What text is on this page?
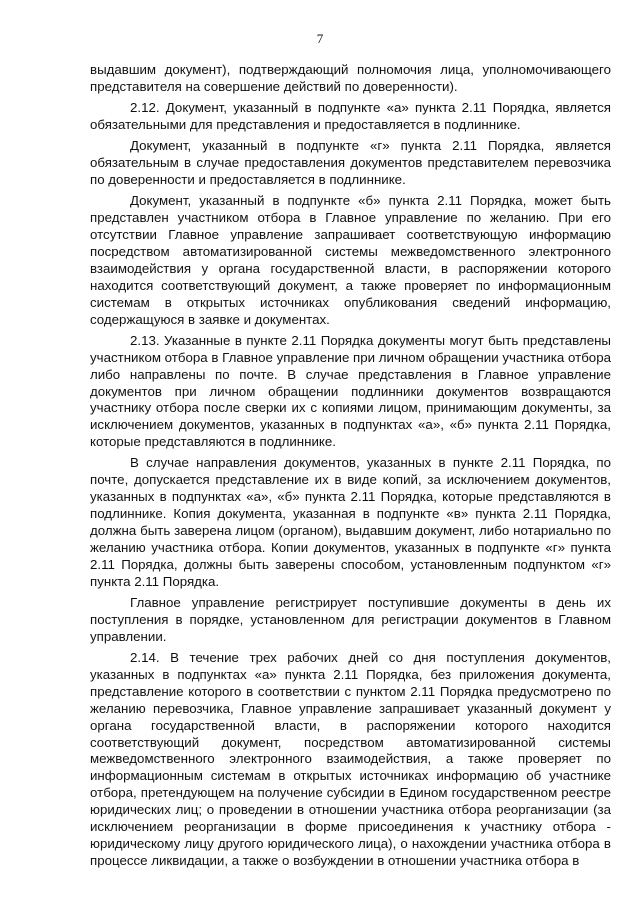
7

выдавшим документ), подтверждающий полномочия лица, уполномочивающего представителя на совершение действий по доверенности).

2.12. Документ, указанный в подпункте «а» пункта 2.11 Порядка, является обязательными для представления и предоставляется в подлиннике.

Документ, указанный в подпункте «г» пункта 2.11 Порядка, является обязательным в случае предоставления документов представителем перевозчика по доверенности и предоставляется в подлиннике.

Документ, указанный в подпункте «б» пункта 2.11 Порядка, может быть представлен участником отбора в Главное управление по желанию. При его отсутствии Главное управление запрашивает соответствующую информацию посредством автоматизированной системы межведомственного электронного взаимодействия у органа государственной власти, в распоряжении которого находится соответствующий документ, а также проверяет по информационным системам в открытых источниках опубликования сведений информацию, содержащуюся в заявке и документах.

2.13. Указанные в пункте 2.11 Порядка документы могут быть представлены участником отбора в Главное управление при личном обращении участника отбора либо направлены по почте. В случае представления в Главное управление документов при личном обращении подлинники документов возвращаются участнику отбора после сверки их с копиями лицом, принимающим документы, за исключением документов, указанных в подпунктах «а», «б» пункта 2.11 Порядка, которые представляются в подлиннике.

В случае направления документов, указанных в пункте 2.11 Порядка, по почте, допускается представление их в виде копий, за исключением документов, указанных в подпунктах «а», «б» пункта 2.11 Порядка, которые представляются в подлиннике. Копия документа, указанная в подпункте «в» пункта 2.11 Порядка, должна быть заверена лицом (органом), выдавшим документ, либо нотариально по желанию участника отбора. Копии документов, указанных в подпункте «г» пункта 2.11 Порядка, должны быть заверены способом, установленным подпунктом «г» пункта 2.11 Порядка.

Главное управление регистрирует поступившие документы в день их поступления в порядке, установленном для регистрации документов в Главном управлении.

2.14. В течение трех рабочих дней со дня поступления документов, указанных в подпунктах «а» пункта 2.11 Порядка, без приложения документа, представление которого в соответствии с пунктом 2.11 Порядка предусмотрено по желанию перевозчика, Главное управление запрашивает указанный документ у органа государственной власти, в распоряжении которого находится соответствующий документ, посредством автоматизированной системы межведомственного электронного взаимодействия, а также проверяет по информационным системам в открытых источниках информацию об участнике отбора, претендующем на получение субсидии в Едином государственном реестре юридических лиц; о проведении в отношении участника отбора реорганизации (за исключением реорганизации в форме присоединения к участнику отбора - юридическому лицу другого юридического лица), о нахождении участника отбора в процессе ликвидации, а также о возбуждении в отношении участника отбора в
